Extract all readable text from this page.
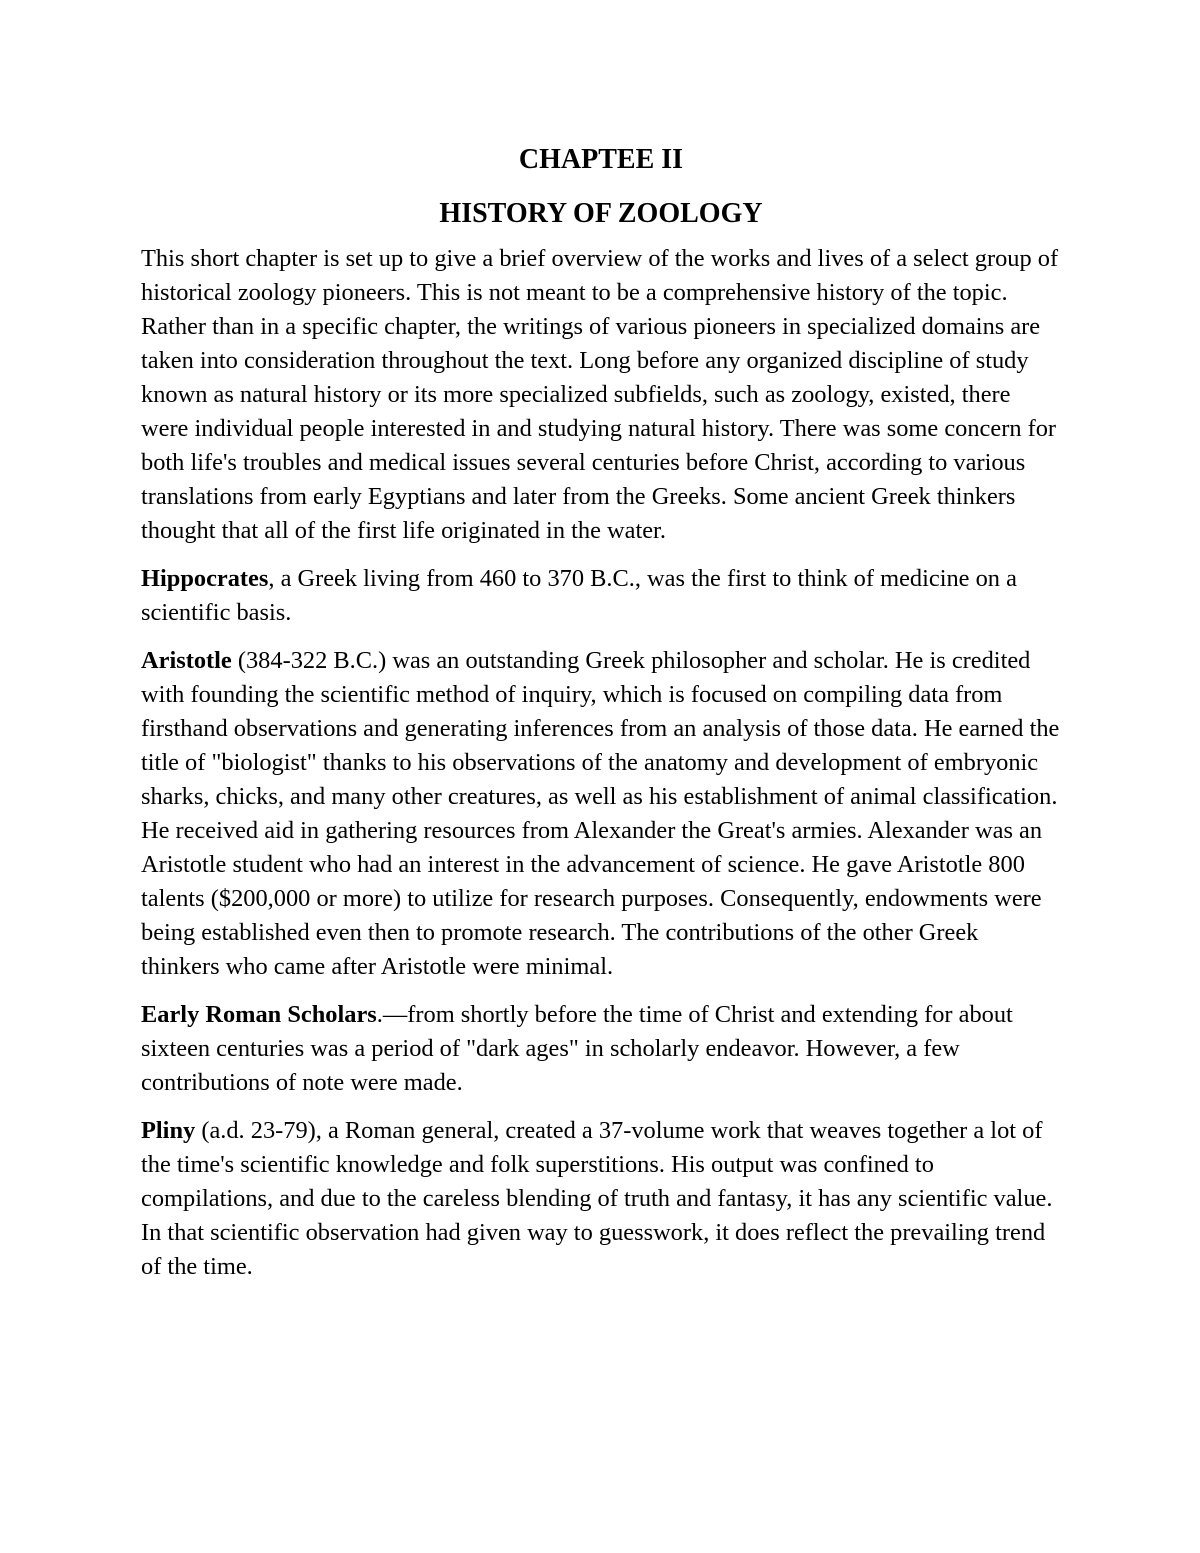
CHAPTEE II
HISTORY OF ZOOLOGY

This short chapter is set up to give a brief overview of the works and lives of a select group of historical zoology pioneers. This is not meant to be a comprehensive history of the topic. Rather than in a specific chapter, the writings of various pioneers in specialized domains are taken into consideration throughout the text. Long before any organized discipline of study known as natural history or its more specialized subfields, such as zoology, existed, there were individual people interested in and studying natural history. There was some concern for both life's troubles and medical issues several centuries before Christ, according to various translations from early Egyptians and later from the Greeks. Some ancient Greek thinkers thought that all of the first life originated in the water.

Hippocrates, a Greek living from 460 to 370 B.C., was the first to think of medicine on a scientific basis.

Aristotle (384-322 B.C.) was an outstanding Greek philosopher and scholar. He is credited with founding the scientific method of inquiry, which is focused on compiling data from firsthand observations and generating inferences from an analysis of those data. He earned the title of "biologist" thanks to his observations of the anatomy and development of embryonic sharks, chicks, and many other creatures, as well as his establishment of animal classification. He received aid in gathering resources from Alexander the Great's armies. Alexander was an Aristotle student who had an interest in the advancement of science. He gave Aristotle 800 talents ($200,000 or more) to utilize for research purposes. Consequently, endowments were being established even then to promote research. The contributions of the other Greek thinkers who came after Aristotle were minimal.

Early Roman Scholars.—from shortly before the time of Christ and extending for about sixteen centuries was a period of "dark ages" in scholarly endeavor. However, a few contributions of note were made.

Pliny (a.d. 23-79), a Roman general, created a 37-volume work that weaves together a lot of the time's scientific knowledge and folk superstitions. His output was confined to compilations, and due to the careless blending of truth and fantasy, it has any scientific value. In that scientific observation had given way to guesswork, it does reflect the prevailing trend of the time.
